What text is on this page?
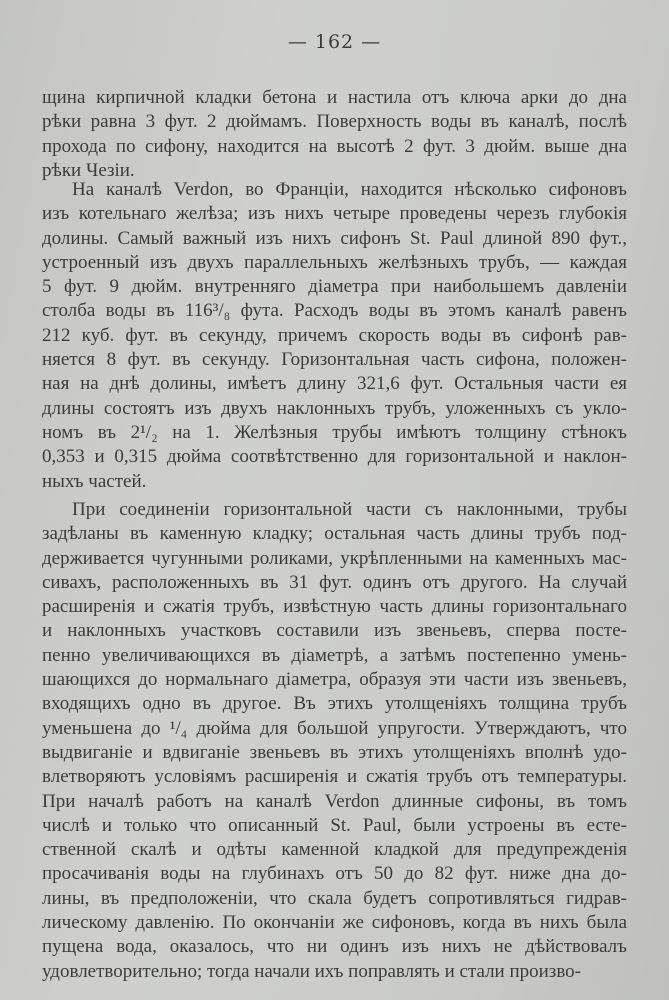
— 162 —
щина кирпичной кладки бетона и настила отъ ключа арки до дна
рѣки равна 3 фут. 2 дюймамъ. Поверхность воды въ каналѣ, послѣ
прохода по сифону, находится на высотѣ 2 фут. 3 дюйм. выше дна
рѣки Чезіи.
На каналѣ Verdon, во Франціи, находится нѣсколько сифоновъ
изъ котельнаго желѣза; изъ нихъ четыре проведены черезъ глубокія
долины. Самый важный изъ нихъ сифонъ St. Paul длиной 890 фут.,
устроенный изъ двухъ параллельныхъ желѣзныхъ трубъ, — каждая
5 фут. 9 дюйм. внутренняго діаметра при наибольшемъ давленіи
столба воды въ 116³/₈ фута. Расходъ воды въ этомъ каналѣ равенъ
212 куб. фут. въ секунду, причемъ скорость воды въ сифонѣ рав-
няется 8 фут. въ секунду. Горизонтальная часть сифона, положен-
ная на днѣ долины, имѣетъ длину 321,6 фут. Остальныя части ея
длины состоятъ изъ двухъ наклонныхъ трубъ, уложенныхъ съ укло-
номъ въ 2¹/₂ на 1. Желѣзныя трубы имѣютъ толщину стѣнокъ
0,353 и 0,315 дюйма соотвѣтственно для горизонтальной и наклон-
ныхъ частей.
При соединеніи горизонтальной части съ наклонными, трубы
задѣланы въ каменную кладку; остальная часть длины трубъ под-
держивается чугунными роликами, укрѣпленными на каменныхъ мас-
сивахъ, расположенныхъ въ 31 фут. одинъ отъ другого. На случай
расширенія и сжатія трубъ, извѣстную часть длины горизонтальнаго
и наклонныхъ участковъ составили изъ звеньевъ, сперва посте-
пенно увеличивающихся въ діаметрѣ, а затѣмъ постепенно умень-
шающихся до нормальнаго діаметра, образуя эти части изъ звеньевъ,
входящихъ одно въ другое. Въ этихъ утолщеніяхъ толщина трубъ
уменьшена до ¹/₄ дюйма для большой упругости. Утверждаютъ, что
выдвиганіе и вдвиганіе звеньевъ въ этихъ утолщеніяхъ вполнѣ удо-
влетворяютъ условіямъ расширенія и сжатія трубъ отъ температуры.
При началѣ работъ на каналѣ Verdon длинные сифоны, въ томъ
числѣ и только что описанный St. Paul, были устроены въ есте-
ственной скалѣ и одѣты каменной кладкой для предупрежденія
просачиванія воды на глубинахъ отъ 50 до 82 фут. ниже дна до-
лины, въ предположеніи, что скала будетъ сопротивляться гидрав-
лическому давленію. По окончаніи же сифоновъ, когда въ нихъ была
пущена вода, оказалось, что ни одинъ изъ нихъ не дѣйствовалъ
удовлетворительно; тогда начали ихъ поправлять и стали произво-
